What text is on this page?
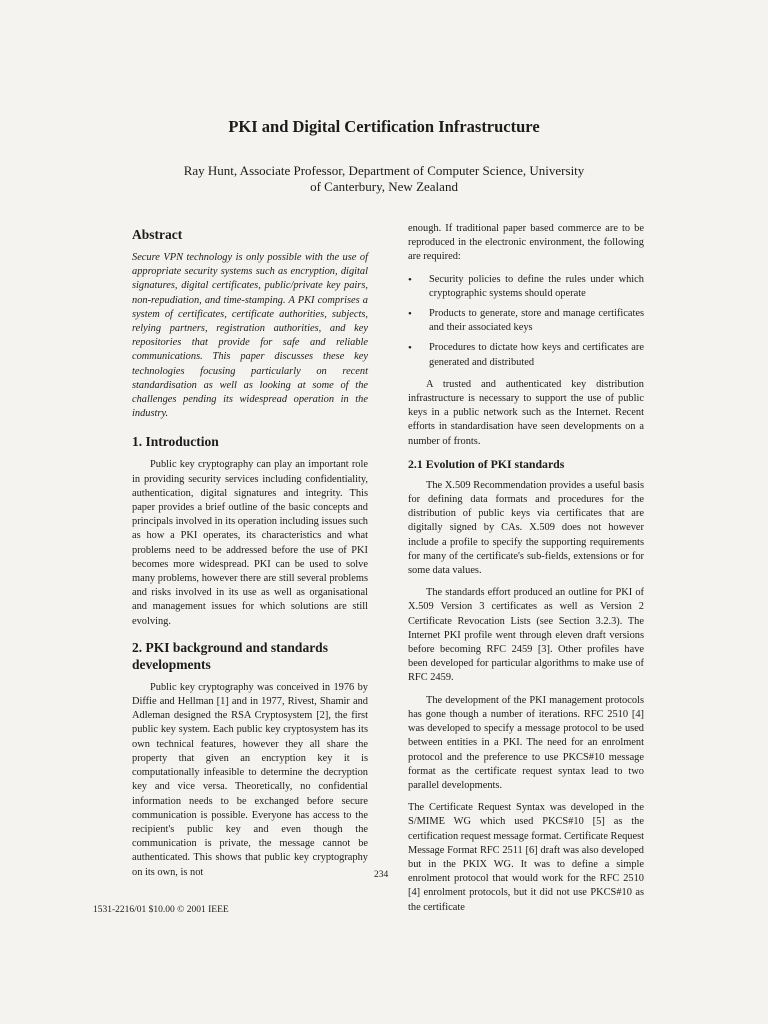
PKI and Digital Certification Infrastructure
Ray Hunt, Associate Professor, Department of Computer Science, University
of Canterbury, New Zealand
Abstract

Secure VPN technology is only possible with the use of appropriate security systems such as encryption, digital signatures, digital certificates, public/private key pairs, non-repudiation, and time-stamping. A PKI comprises a system of certificates, certificate authorities, subjects, relying partners, registration authorities, and key repositories that provide for safe and reliable communications. This paper discusses these key technologies focusing particularly on recent standardisation as well as looking at some of the challenges pending its widespread operation in the industry.

1. Introduction

Public key cryptography can play an important role in providing security services including confidentiality, authentication, digital signatures and integrity. This paper provides a brief outline of the basic concepts and principals involved in its operation including issues such as how a PKI operates, its characteristics and what problems need to be addressed before the use of PKI becomes more widespread. PKI can be used to solve many problems, however there are still several problems and risks involved in its use as well as organisational and management issues for which solutions are still evolving.

2. PKI background and standards developments

Public key cryptography was conceived in 1976 by Diffie and Hellman [1] and in 1977, Rivest, Shamir and Adleman designed the RSA Cryptosystem [2], the first public key system. Each public key cryptosystem has its own technical features, however they all share the property that given an encryption key it is computationally infeasible to determine the decryption key and vice versa. Theoretically, no confidential information needs to be exchanged before secure communication is possible. Everyone has access to the recipient's public key and even though the communication is private, the message cannot be authenticated. This shows that public key cryptography on its own, is not

enough. If traditional paper based commerce are to be reproduced in the electronic environment, the following are required:

• Security policies to define the rules under which cryptographic systems should operate
• Products to generate, store and manage certificates and their associated keys
• Procedures to dictate how keys and certificates are generated and distributed

A trusted and authenticated key distribution infrastructure is necessary to support the use of public keys in a public network such as the Internet. Recent efforts in standardisation have seen developments on a number of fronts.

2.1 Evolution of PKI standards

The X.509 Recommendation provides a useful basis for defining data formats and procedures for the distribution of public keys via certificates that are digitally signed by CAs. X.509 does not however include a profile to specify the supporting requirements for many of the certificate's sub-fields, extensions or for some data values.

The standards effort produced an outline for PKI of X.509 Version 3 certificates as well as Version 2 Certificate Revocation Lists (see Section 3.2.3). The Internet PKI profile went through eleven draft versions before becoming RFC 2459 [3]. Other profiles have been developed for particular algorithms to make use of RFC 2459.

The development of the PKI management protocols has gone though a number of iterations. RFC 2510 [4] was developed to specify a message protocol to be used between entities in a PKI. The need for an enrolment protocol and the preference to use PKCS#10 message format as the certificate request syntax lead to two parallel developments.

The Certificate Request Syntax was developed in the S/MIME WG which used PKCS#10 [5] as the certification request message format. Certificate Request Message Format RFC 2511 [6] draft was also developed but in the PKIX WG. It was to define a simple enrolment protocol that would work for the RFC 2510 [4] enrolment protocols, but it did not use PKCS#10 as the certificate

234
1531-2216/01 $10.00 © 2001 IEEE
